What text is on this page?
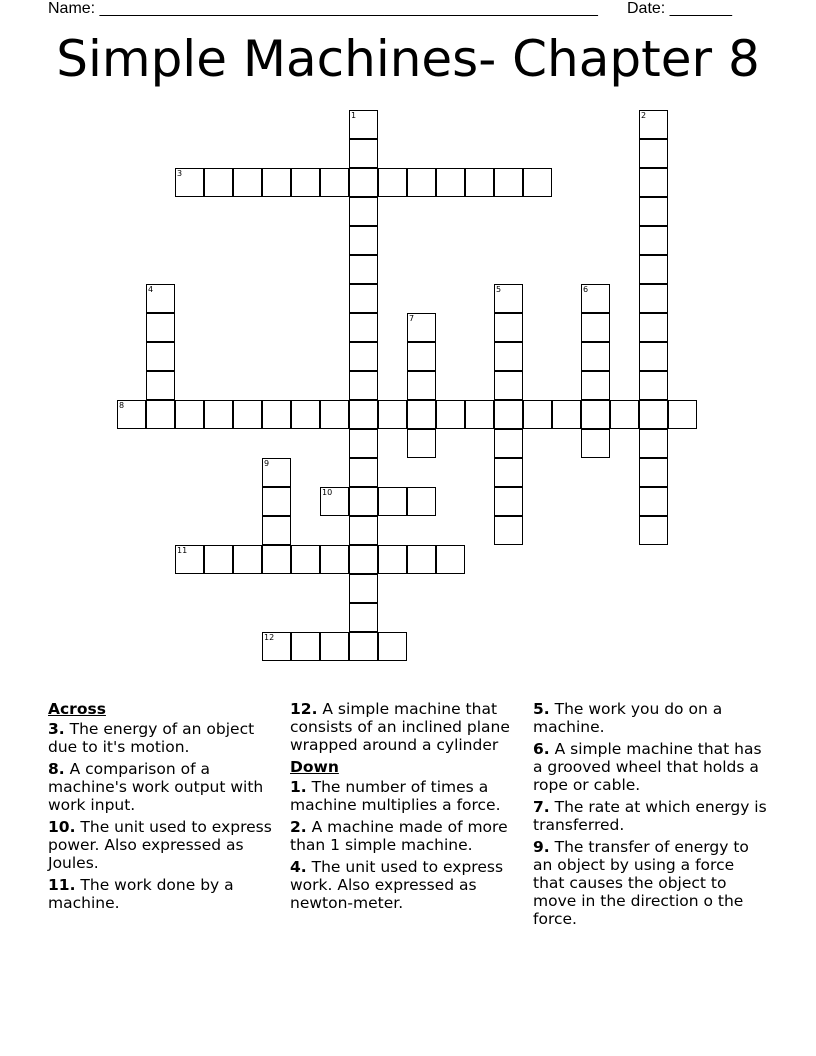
Name: ________________________________________________________ Date: _______
Simple Machines- Chapter 8
1	2
3
4	5	6
7
8
9
10
11
12
Across
3. The energy of an object due to it's motion.
8. A comparison of a machine's work output with work input.
10. The unit used to express power. Also expressed as Joules.
11. The work done by a machine.
12. A simple machine that consists of an inclined plane wrapped around a cylinder
Down
1. The number of times a machine multiplies a force.
2. A machine made of more than 1 simple machine.
4. The unit used to express work. Also expressed as newton-meter.
5. The work you do on a machine.
6. A simple machine that has a grooved wheel that holds a rope or cable.
7. The rate at which energy is transferred.
9. The transfer of energy to an object by using a force that causes the object to move in the direction o the force.
